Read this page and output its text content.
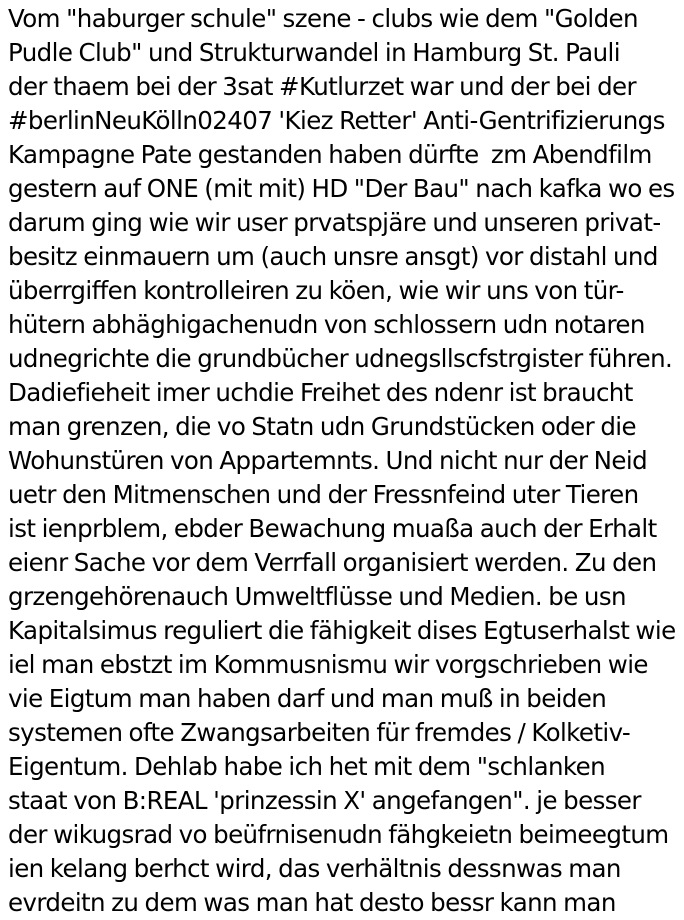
Vom "haburger schule" szene - clubs wie dem "Golden
Pudle Club" und Strukturwandel in Hamburg St. Pauli
der thaem bei der 3sat #Kutlurzet war und der bei der
#berlinNeuKölln02407 'Kiez Retter' Anti-Gentrifizierungs
Kampagne Pate gestanden haben dürfte  zm Abendfilm
gestern auf ONE (mit mit) HD "Der Bau" nach kafka wo es
darum ging wie wir user prvatspjäre und unseren privat-
besitz einmauern um (auch unsre ansgt) vor distahl und
überrgiffen kontrolleiren zu köen, wie wir uns von tür-
hütern abhäghigachenudn von schlossern udn notaren
udnegrichte die grundbücher udnegsllscfstrgister führen.
Dadiefieheit imer uchdie Freihet des ndenr ist braucht
man grenzen, die vo Statn udn Grundstücken oder die
Wohunstüren von Appartemnts. Und nicht nur der Neid
uetr den Mitmenschen und der Fressnfeind uter Tieren
ist ienprblem, ebder Bewachung muaßa auch der Erhalt
eienr Sache vor dem Verrfall organisiert werden. Zu den
grzengehörenauch Umweltflüsse und Medien. be usn
Kapitalsimus reguliert die fähigkeit dises Egtuserhalst wie
iel man ebstzt im Kommusnismu wir vorgschrieben wie
vie Eigtum man haben darf und man muß in beiden
systemen ofte Zwangsarbeiten für fremdes / Kolketiv-
Eigentum. Dehlab habe ich het mit dem "schlanken
staat von B:REAL 'prinzessin X' angefangen". je besser
der wikugsrad vo beüfrnisenudn fähgkeietn beimeegtum
ien kelang berhct wird, das verhältnis dessnwas man
evrdeitn zu dem was man hat desto bessr kann man
